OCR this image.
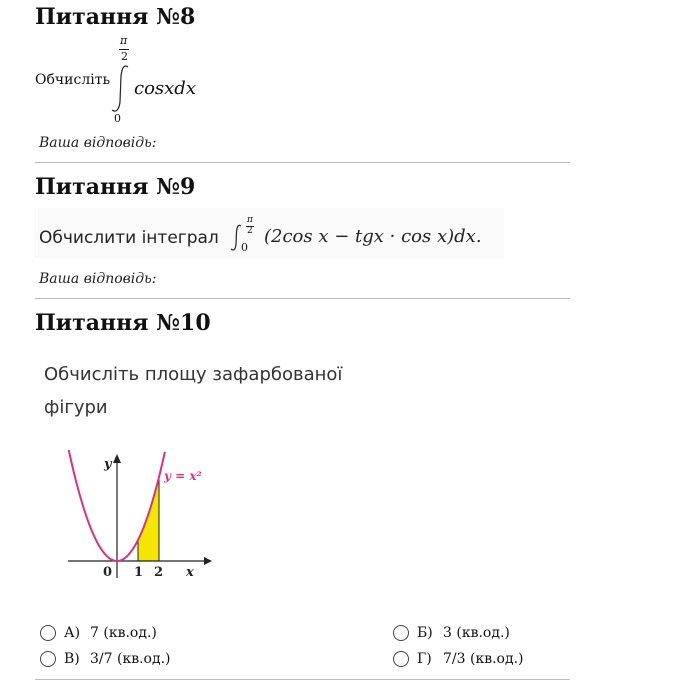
Питання №8
Обчисліть
π
2
0
cosxdx
Ваша відповідь:
Питання №9
Обчислити інтеграл
π
2
0
(2cos x − tgx · cos x)dx.
Ваша відповідь:
Питання №10
Обчисліть площу зафарбованої
фігури
y
x
0 1 2
y = x²
А) 7 (кв.од.)	Б) 3 (кв.од.)
В) 3/7 (кв.од.)	Г) 7/3 (кв.од.)
